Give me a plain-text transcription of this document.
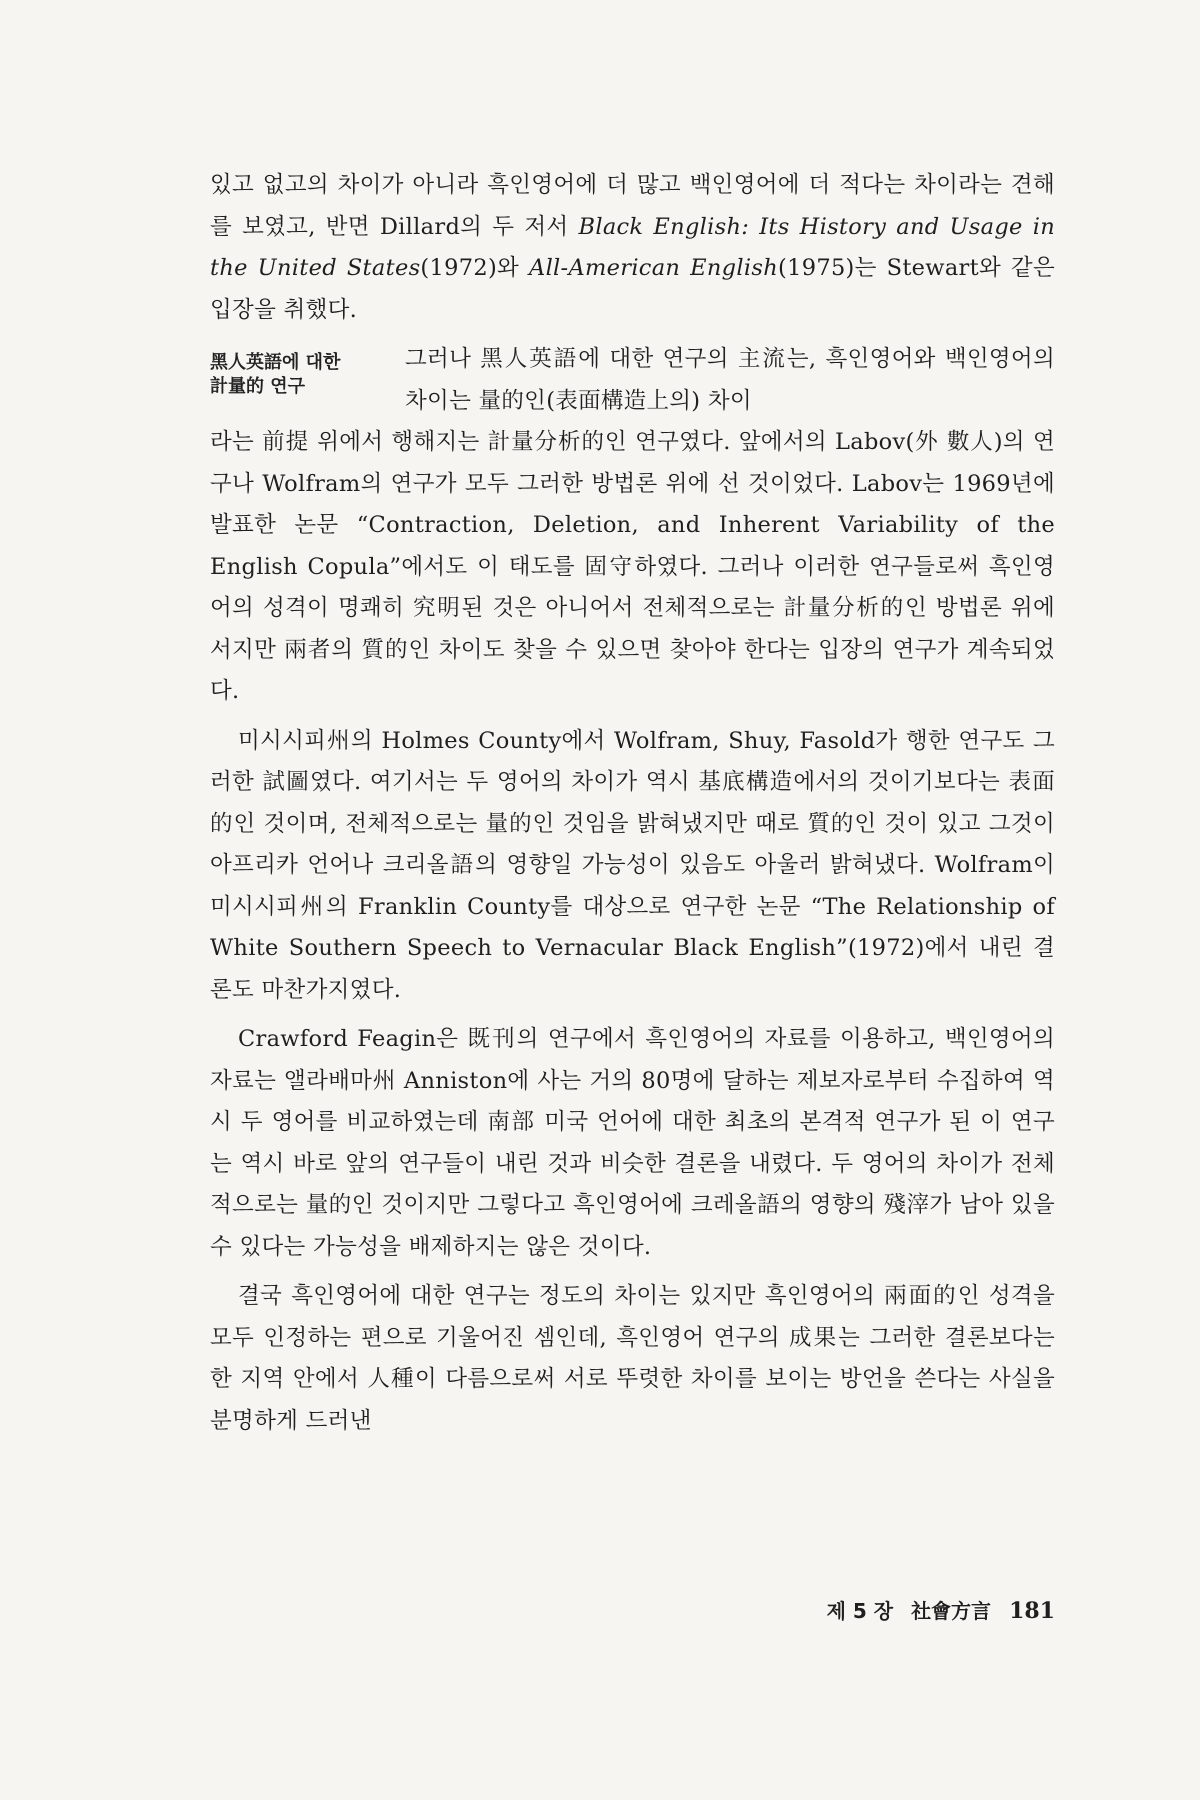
있고 없고의 차이가 아니라 흑인영어에 더 많고 백인영어에 더 적다는 차이라는 견해를 보였고, 반면 Dillard의 두 저서 Black English: Its History and Usage in the United States(1972)와 All-American English(1975)는 Stewart와 같은 입장을 취했다.

黑人英語에 대한
計量的 연구

그러나 黑人英語에 대한 연구의 主流는, 흑인영어와 백인영어의 차이는 量的인(表面構造上의) 차이

라는 前提 위에서 행해지는 計量分析的인 연구였다. 앞에서의 Labov(外 數人)의 연구나 Wolfram의 연구가 모두 그러한 방법론 위에 선 것이었다. Labov는 1969년에 발표한 논문 “Contraction, Deletion, and Inherent Variability of the English Copula”에서도 이 태도를 固守하였다. 그러나 이러한 연구들로써 흑인영어의 성격이 명쾌히 究明된 것은 아니어서 전체적으로는 計量分析的인 방법론 위에 서지만 兩者의 質的인 차이도 찾을 수 있으면 찾아야 한다는 입장의 연구가 계속되었다.

미시시피州의 Holmes County에서 Wolfram, Shuy, Fasold가 행한 연구도 그러한 試圖였다. 여기서는 두 영어의 차이가 역시 基底構造에서의 것이기보다는 表面的인 것이며, 전체적으로는 量的인 것임을 밝혀냈지만 때로 質的인 것이 있고 그것이 아프리카 언어나 크리올語의 영향일 가능성이 있음도 아울러 밝혀냈다. Wolfram이 미시시피州의 Franklin County를 대상으로 연구한 논문 “The Relationship of White Southern Speech to Vernacular Black English”(1972)에서 내린 결론도 마찬가지였다.

Crawford Feagin은 既刊의 연구에서 흑인영어의 자료를 이용하고, 백인영어의 자료는 앨라배마州 Anniston에 사는 거의 80명에 달하는 제보자로부터 수집하여 역시 두 영어를 비교하였는데 南部 미국 언어에 대한 최초의 본격적 연구가 된 이 연구는 역시 바로 앞의 연구들이 내린 것과 비슷한 결론을 내렸다. 두 영어의 차이가 전체적으로는 量的인 것이지만 그렇다고 흑인영어에 크레올語의 영향의 殘滓가 남아 있을 수 있다는 가능성을 배제하지는 않은 것이다.

결국 흑인영어에 대한 연구는 정도의 차이는 있지만 흑인영어의 兩面的인 성격을 모두 인정하는 편으로 기울어진 셈인데, 흑인영어 연구의 成果는 그러한 결론보다는 한 지역 안에서 人種이 다름으로써 서로 뚜렷한 차이를 보이는 방언을 쓴다는 사실을 분명하게 드러낸

제 5 장 社會方言 181
